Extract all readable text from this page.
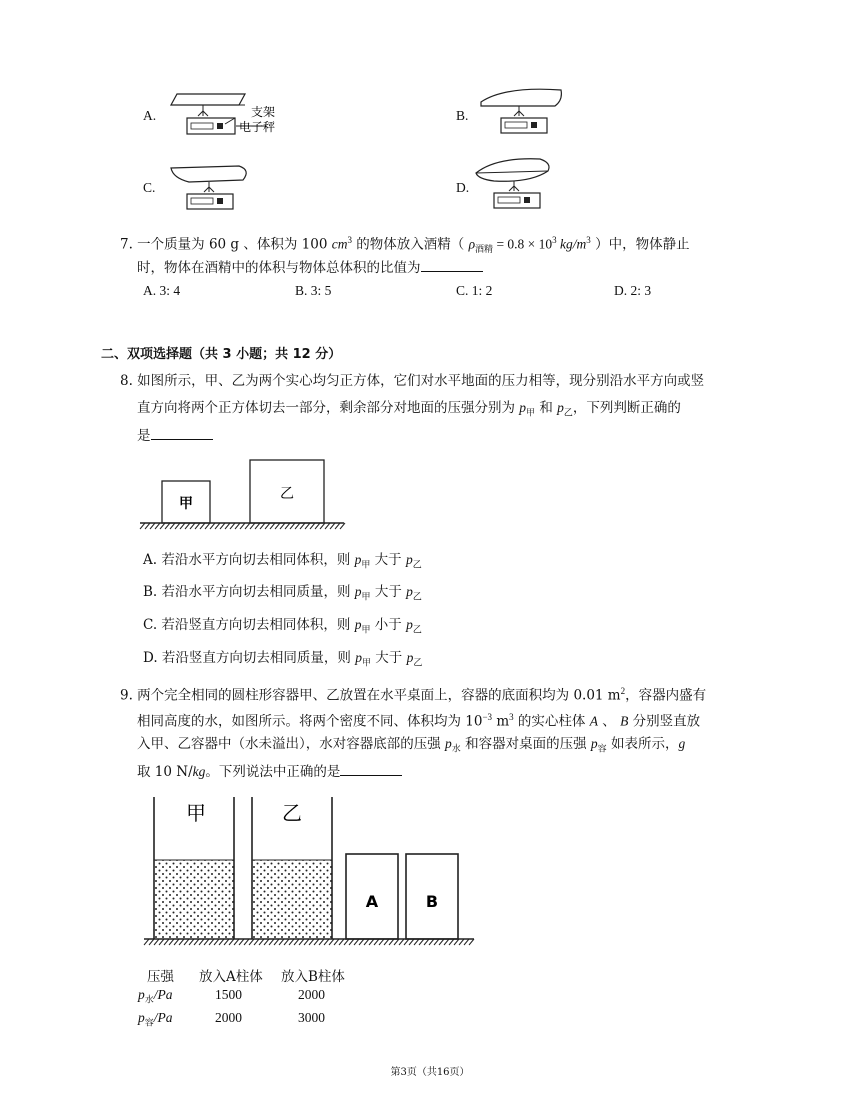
A.	B.
C.	D.
支架
电子秤
7. 一个质量为 60 g 、体积为 100 $cm^3$ 的物体放入酒精（ $\rho_{酒精} = 0.8 \times 10^3$ $kg/m^3$ ）中，物体静止
时，物体在酒精中的体积与物体总体积的比值为
A. 3: 4	B. 3: 5	C. 1: 2	D. 2: 3
二、双项选择题（共 3 小题；共 12 分）
8. 如图所示，甲、乙为两个实心均匀正方体，它们对水平地面的压力相等，现分别沿水平方向或竖
直方向将两个正方体切去一部分，剩余部分对地面的压强分别为 $p_甲$ 和 $p_乙$，下列判断正确的
是
甲
乙
A. 若沿水平方向切去相同体积，则 $p_甲$ 大于 $p_乙$
B. 若沿水平方向切去相同质量，则 $p_甲$ 大于 $p_乙$
C. 若沿竖直方向切去相同体积，则 $p_甲$ 小于 $p_乙$
D. 若沿竖直方向切去相同质量，则 $p_甲$ 大于 $p_乙$
9. 两个完全相同的圆柱形容器甲、乙放置在水平桌面上，容器的底面积均为 0.01 $m^2$，容器内盛有
相同高度的水，如图所示。将两个密度不同、体积均为 $10^{-3}$ $m^3$ 的实心柱体 A 、 B 分别竖直放
入甲、乙容器中（水未溢出），水对容器底部的压强 $p_水$ 和容器对桌面的压强 $p_容$ 如表所示，g
取 10 N/kg。下列说法中正确的是
甲	乙
A	B
压强 放入A柱体 放入B柱体
$p_水/Pa$	1500	2000
$p_容/Pa$	2000	3000
第3页（共16页）
